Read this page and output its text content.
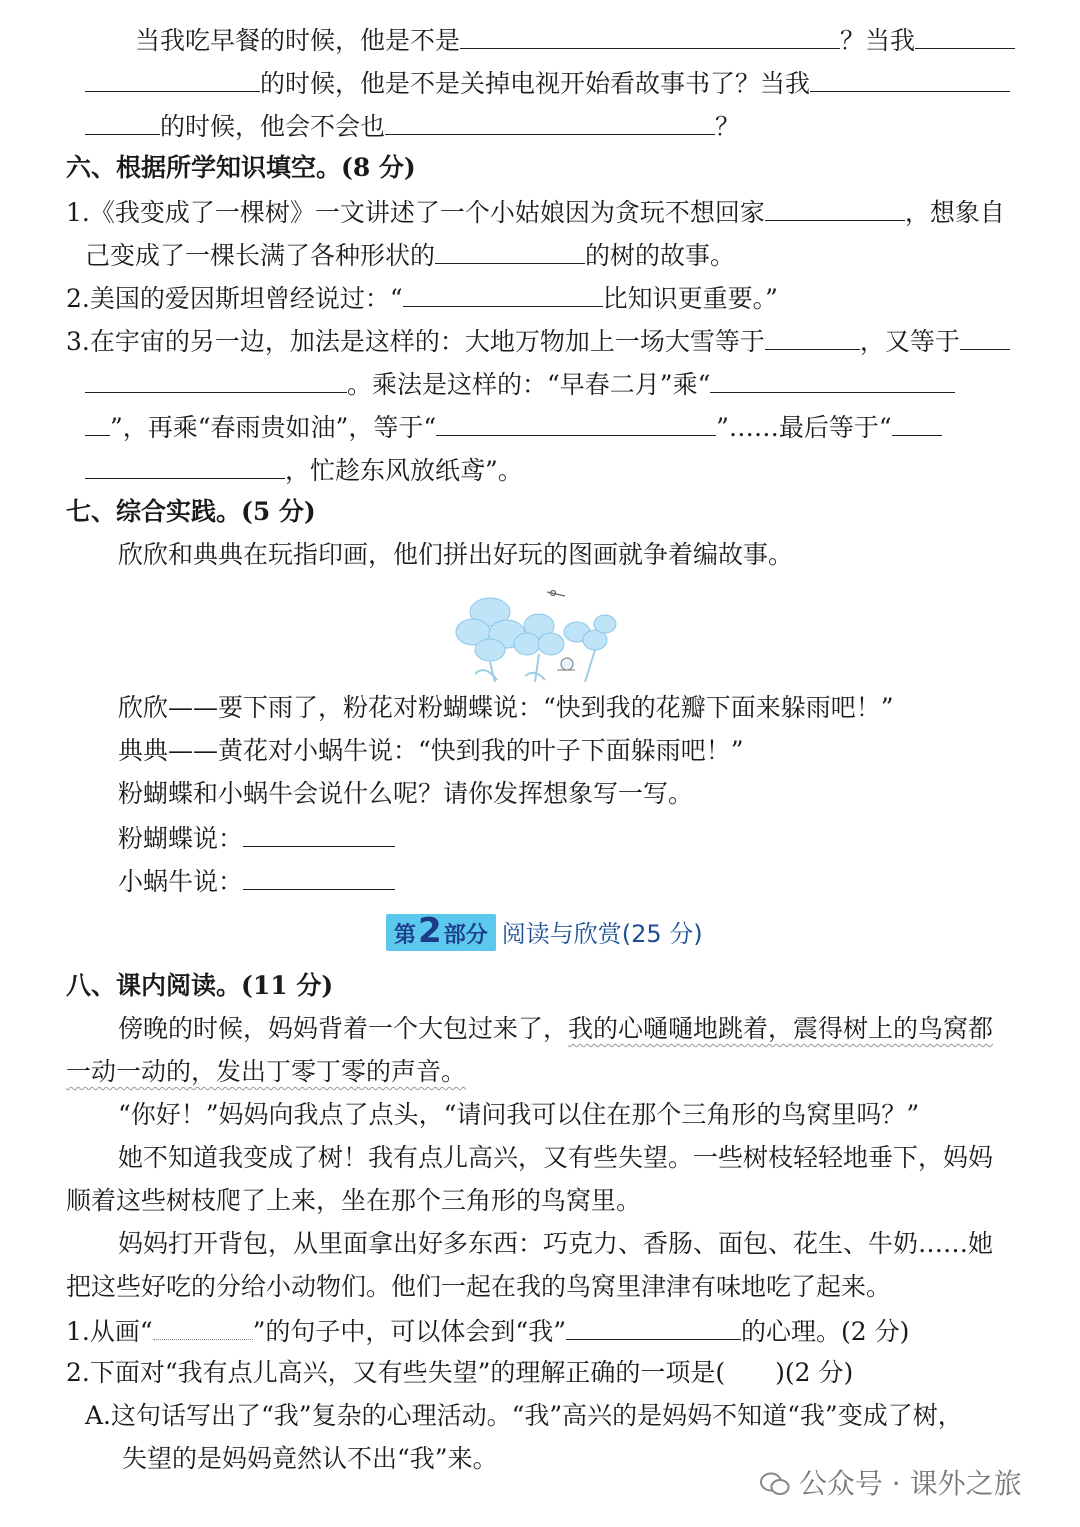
当我吃早餐的时候，他是不是	？当我
的时候，他是不是关掉电视开始看故事书了？当我
的时候，他会不会也	？
六、根据所学知识填空。(8 分)
1.《我变成了一棵树》一文讲述了一个小姑娘因为贪玩不想回家	，想象自
己变成了一棵长满了各种形状的	的树的故事。
2.美国的爱因斯坦曾经说过：“	比知识更重要。”
3.在宇宙的另一边，加法是这样的：大地万物加上一场大雪等于	，又等于
。乘法是这样的：“早春二月”乘“
”，再乘“春雨贵如油”，等于“	”……最后等于“
，忙趁东风放纸鸢”。
七、综合实践。(5 分)
欣欣和典典在玩指印画，他们拼出好玩的图画就争着编故事。
欣欣——要下雨了，粉花对粉蝴蝶说：“快到我的花瓣下面来躲雨吧！”
典典——黄花对小蜗牛说：“快到我的叶子下面躲雨吧！”
粉蝴蝶和小蜗牛会说什么呢？请你发挥想象写一写。
粉蝴蝶说：
小蜗牛说：
第2部分 阅读与欣赏(25 分)
八、课内阅读。(11 分)
傍晚的时候，妈妈背着一个大包过来了，我的心嗵嗵地跳着，震得树上的鸟窝都
一动一动的，发出丁零丁零的声音。
“你好！”妈妈向我点了点头，“请问我可以住在那个三角形的鸟窝里吗？”
她不知道我变成了树！我有点儿高兴，又有些失望。一些树枝轻轻地垂下，妈妈
顺着这些树枝爬了上来，坐在那个三角形的鸟窝里。
妈妈打开背包，从里面拿出好多东西：巧克力、香肠、面包、花生、牛奶……她
把这些好吃的分给小动物们。他们一起在我的鸟窝里津津有味地吃了起来。
1.从画“	”的句子中，可以体会到“我”	的心理。(2 分)
2.下面对“我有点儿高兴，又有些失望”的理解正确的一项是(　　)(2 分)
A.这句话写出了“我”复杂的心理活动。“我”高兴的是妈妈不知道“我”变成了树，
失望的是妈妈竟然认不出“我”来。
公众号 · 课外之旅
